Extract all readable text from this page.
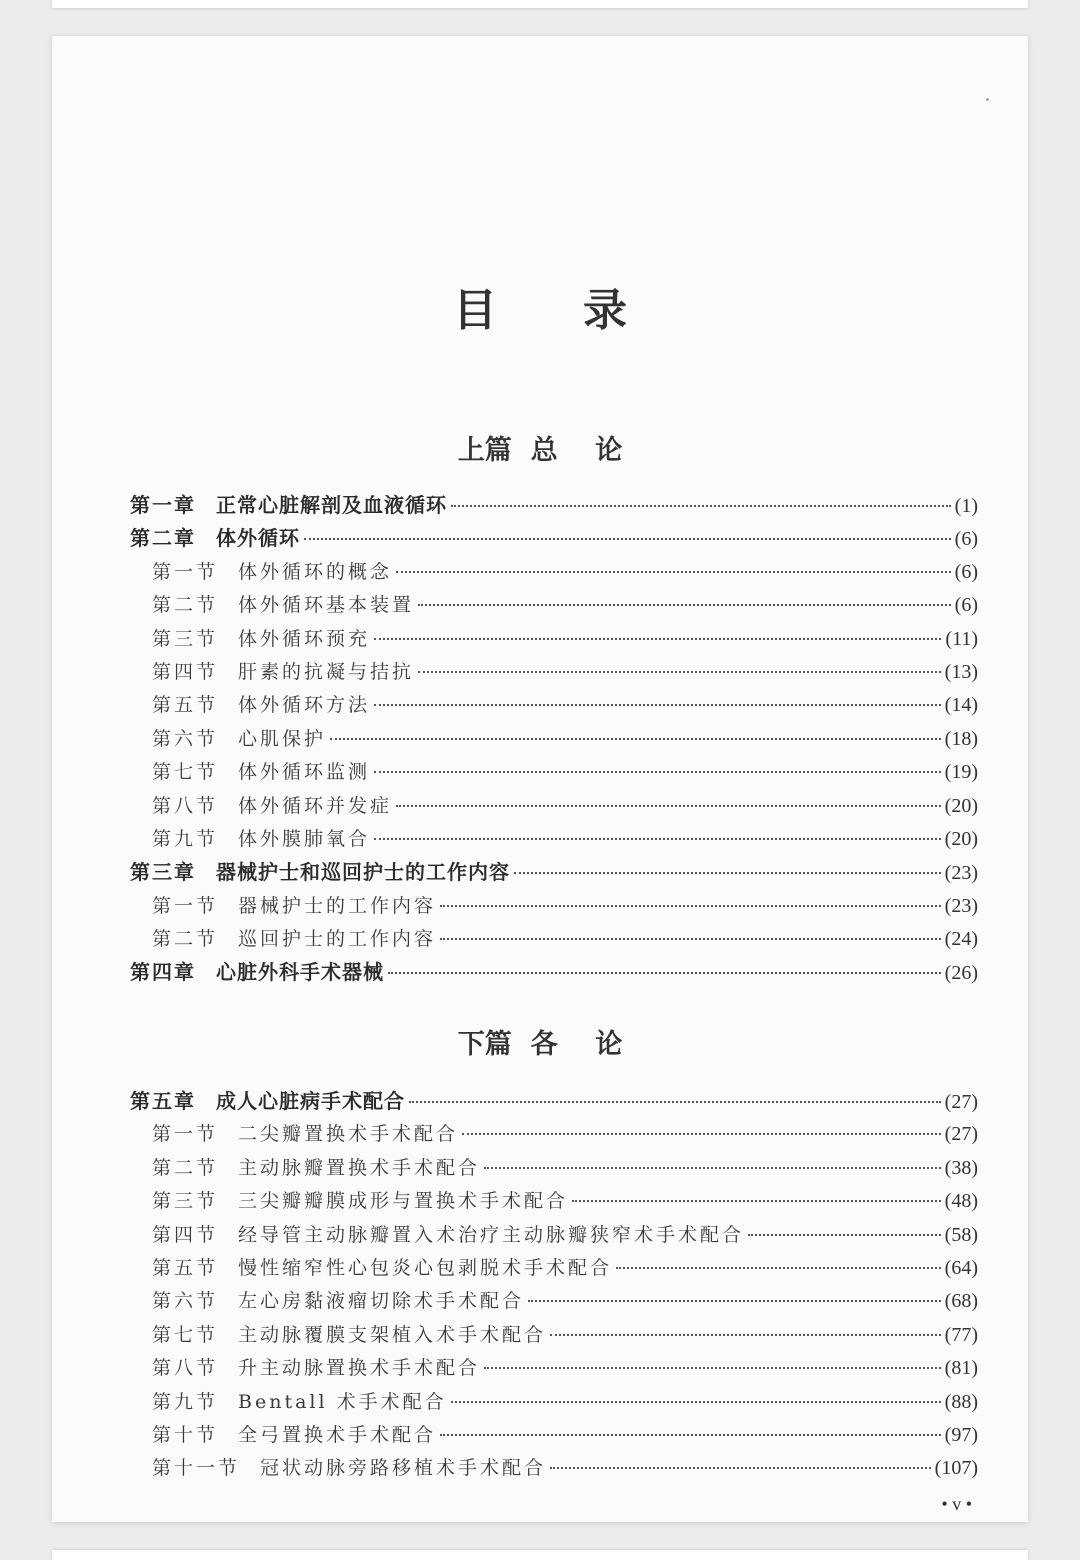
目录
上篇  总    论
第一章	正常心脏解剖及血液循环	(1)
第二章	体外循环	(6)
第一节	体外循环的概念	(6)
第二节	体外循环基本装置	(6)
第三节	体外循环预充	(11)
第四节	肝素的抗凝与拮抗	(13)
第五节	体外循环方法	(14)
第六节	心肌保护	(18)
第七节	体外循环监测	(19)
第八节	体外循环并发症	(20)
第九节	体外膜肺氧合	(20)
第三章	器械护士和巡回护士的工作内容	(23)
第一节	器械护士的工作内容	(23)
第二节	巡回护士的工作内容	(24)
第四章	心脏外科手术器械	(26)
下篇  各    论
第五章	成人心脏病手术配合	(27)
第一节	二尖瓣置换术手术配合	(27)
第二节	主动脉瓣置换术手术配合	(38)
第三节	三尖瓣瓣膜成形与置换术手术配合	(48)
第四节	经导管主动脉瓣置入术治疗主动脉瓣狭窄术手术配合	(58)
第五节	慢性缩窄性心包炎心包剥脱术手术配合	(64)
第六节	左心房黏液瘤切除术手术配合	(68)
第七节	主动脉覆膜支架植入术手术配合	(77)
第八节	升主动脉置换术手术配合	(81)
第九节	Bentall 术手术配合	(88)
第十节	全弓置换术手术配合	(97)
第十一节	冠状动脉旁路移植术手术配合	(107)
• v •
